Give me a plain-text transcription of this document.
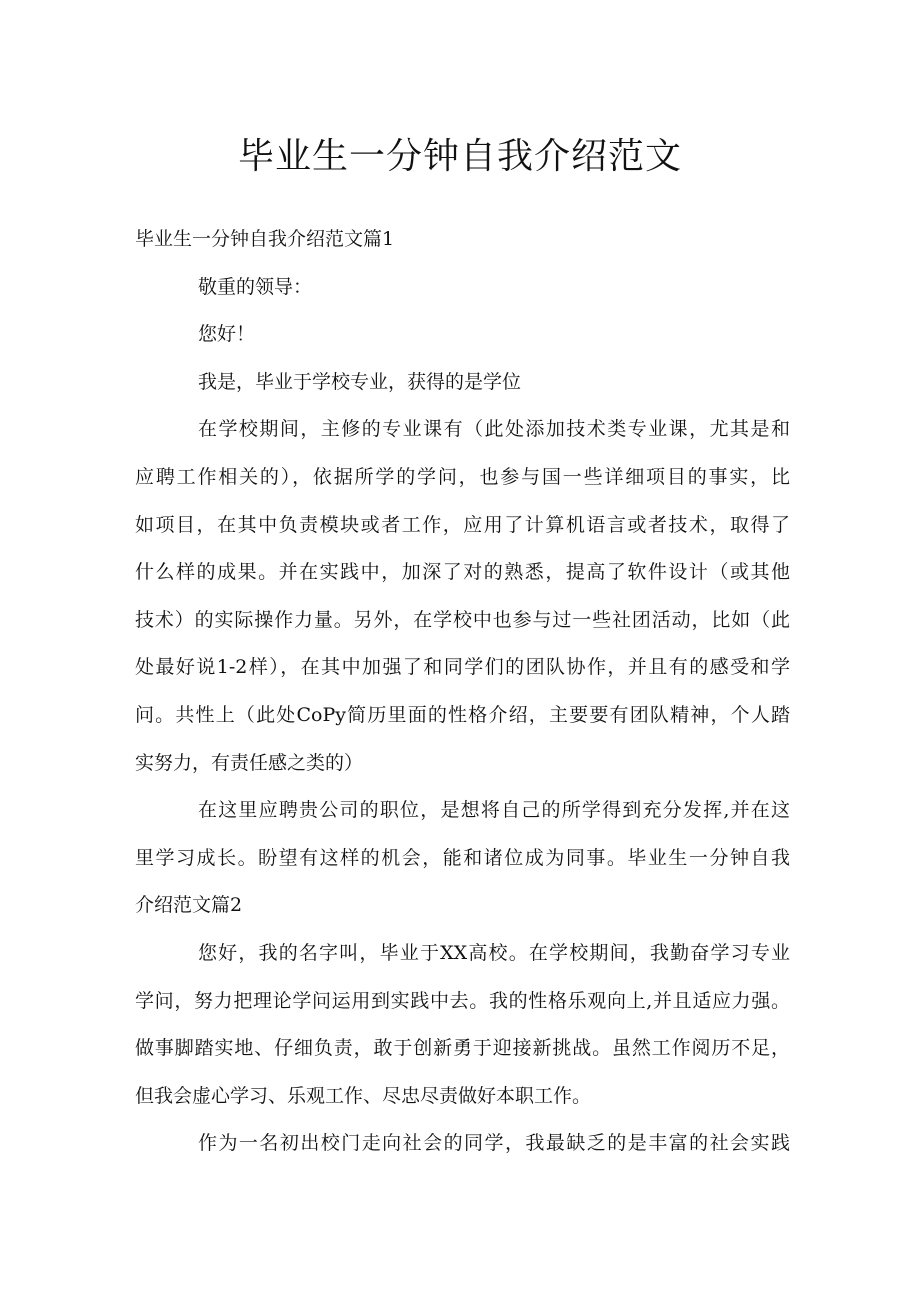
毕业生一分钟自我介绍范文
毕业生一分钟自我介绍范文篇1
敬重的领导：
您好！
我是，毕业于学校专业，获得的是学位
在学校期间，主修的专业课有（此处添加技术类专业课，尤其是和
应聘工作相关的），依据所学的学问，也参与国一些详细项目的事实，比
如项目，在其中负责模块或者工作，应用了计算机语言或者技术，取得了
什么样的成果。并在实践中，加深了对的熟悉，提高了软件设计（或其他
技术）的实际操作力量。另外，在学校中也参与过一些社团活动，比如（此
处最好说1-2样），在其中加强了和同学们的团队协作，并且有的感受和学
问。共性上（此处CoPy简历里面的性格介绍，主要要有团队精神，个人踏
实努力，有责任感之类的）
在这里应聘贵公司的职位，是想将自己的所学得到充分发挥,并在这
里学习成长。盼望有这样的机会，能和诸位成为同事。毕业生一分钟自我
介绍范文篇2
您好，我的名字叫，毕业于XX高校。在学校期间，我勤奋学习专业
学问，努力把理论学问运用到实践中去。我的性格乐观向上,并且适应力强。
做事脚踏实地、仔细负责，敢于创新勇于迎接新挑战。虽然工作阅历不足，
但我会虚心学习、乐观工作、尽忠尽责做好本职工作。
作为一名初出校门走向社会的同学，我最缺乏的是丰富的社会实践
